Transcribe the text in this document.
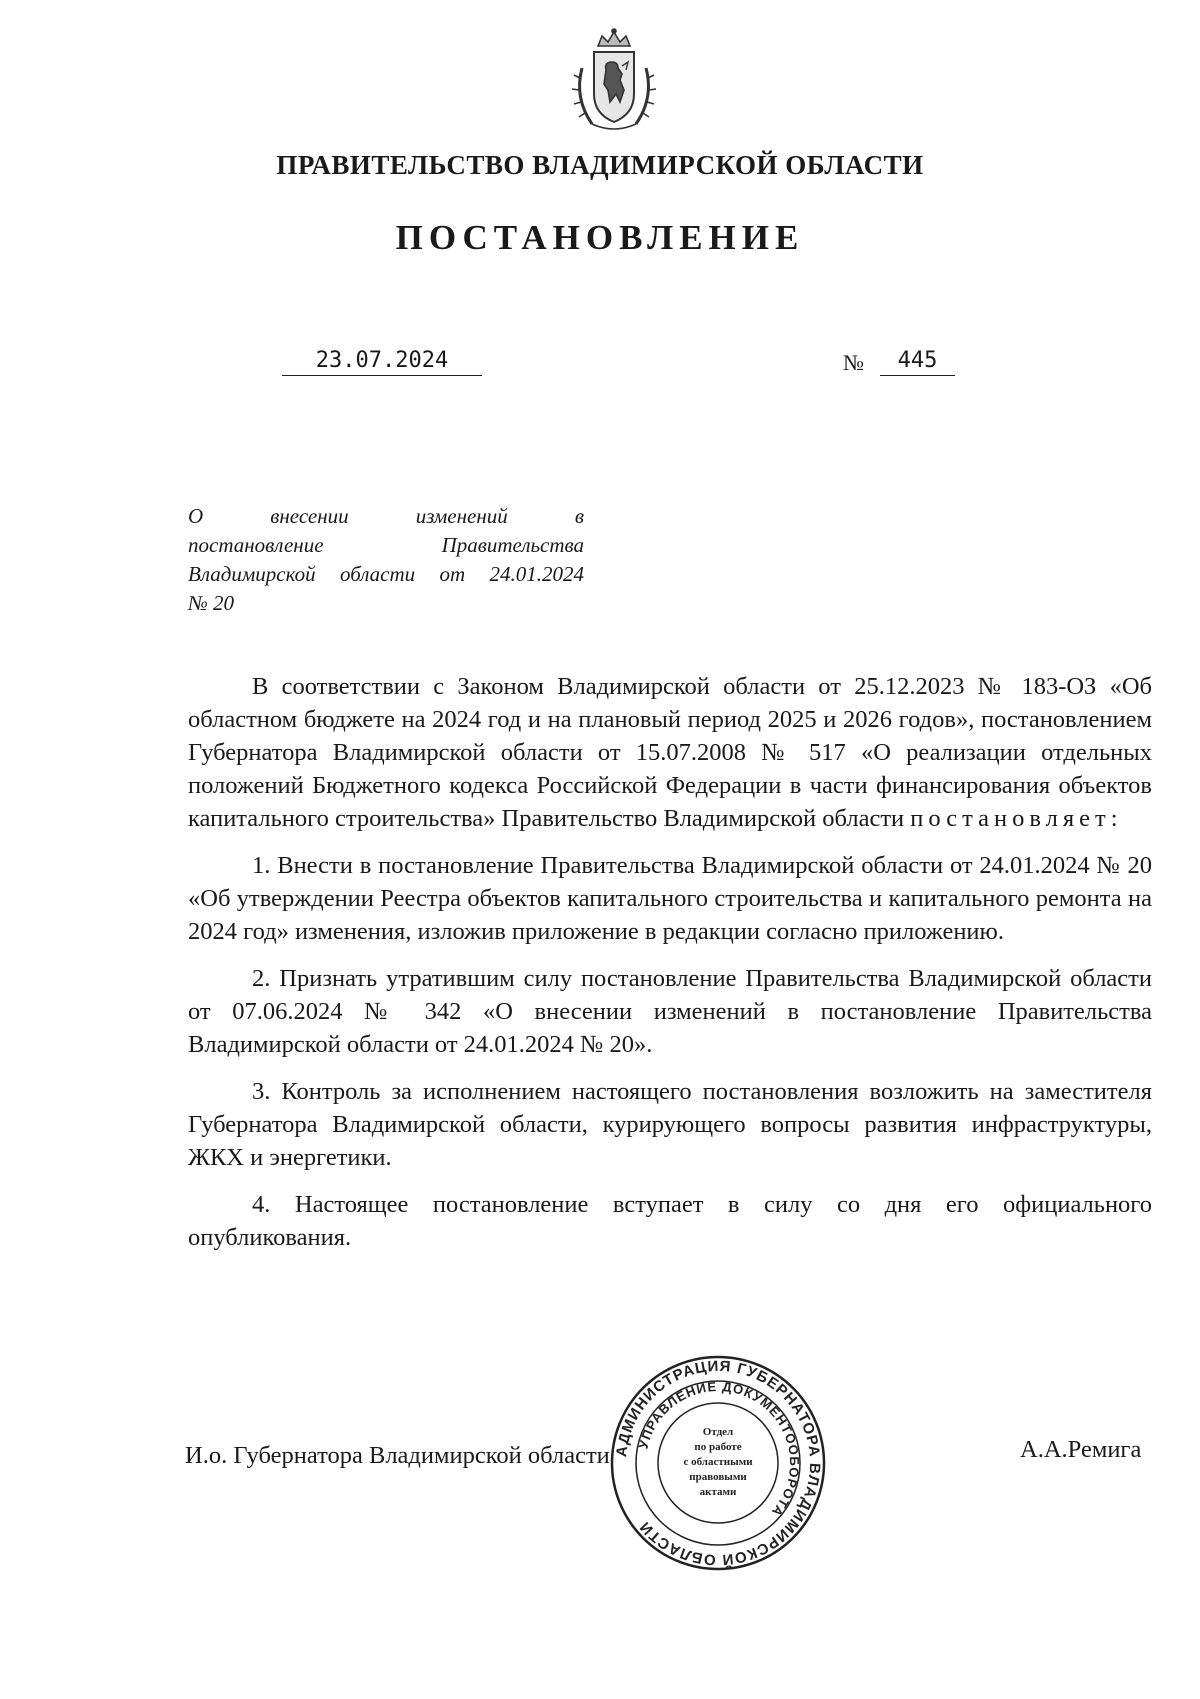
ПРАВИТЕЛЬСТВО ВЛАДИМИРСКОЙ ОБЛАСТИ
ПОСТАНОВЛЕНИЕ
23.07.2024	№	445
О	внесении	изменений	в
постановление	Правительства
Владимирской области от 24.01.2024
№ 20

В соответствии с Законом Владимирской области от 25.12.2023 № 183-ОЗ «Об областном бюджете на 2024 год и на плановый период 2025 и 2026 годов», постановлением Губернатора Владимирской области от 15.07.2008 № 517 «О реализации отдельных положений Бюджетного кодекса Российской Федерации в части финансирования объектов капитального строительства» Правительство Владимирской области постановляет:

1. Внести в постановление Правительства Владимирской области от 24.01.2024 № 20 «Об утверждении Реестра объектов капитального строительства и капитального ремонта на 2024 год» изменения, изложив приложение в редакции согласно приложению.

2. Признать утратившим силу постановление Правительства Владимирской области от 07.06.2024 № 342 «О внесении изменений в постановление Правительства Владимирской области от 24.01.2024 № 20».

3. Контроль за исполнением настоящего постановления возложить на заместителя Губернатора Владимирской области, курирующего вопросы развития инфраструктуры, ЖКХ и энергетики.

4. Настоящее постановление вступает в силу со дня его официального опубликования.

И.о. Губернатора Владимирской области	А.А.Ремига
АДМИНИСТРАЦИЯ ГУБЕРНАТОРА ВЛАДИМИРСКОЙ ОБЛАСТИ
УПРАВЛЕНИЕ ДОКУМЕНТООБОРОТА
Отдел
по работе
с областными
правовыми
актами
